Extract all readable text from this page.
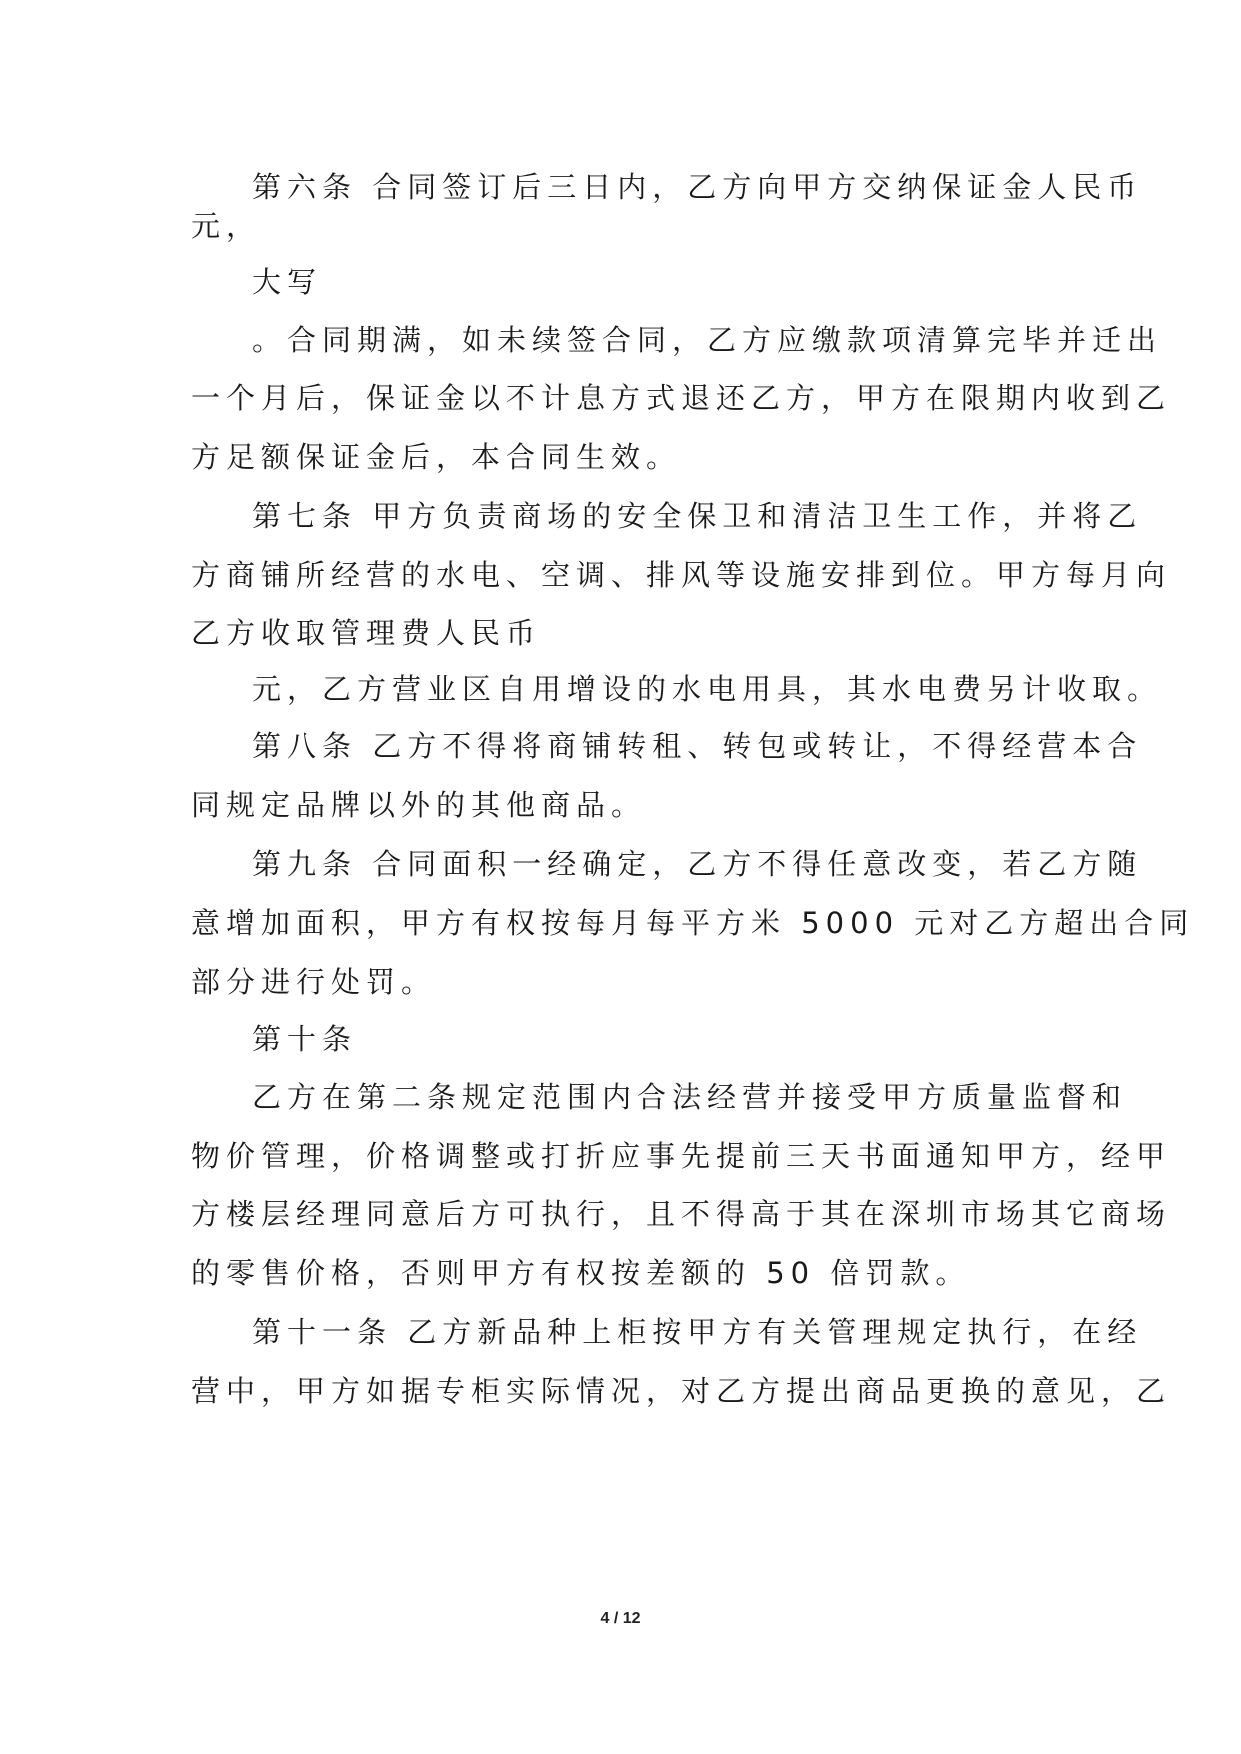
第六条 合同签订后三日内，乙方向甲方交纳保证金人民币
元，
大写
。合同期满，如未续签合同，乙方应缴款项清算完毕并迁出
一个月后，保证金以不计息方式退还乙方，甲方在限期内收到乙
方足额保证金后，本合同生效。
第七条 甲方负责商场的安全保卫和清洁卫生工作，并将乙
方商铺所经营的水电、空调、排风等设施安排到位。甲方每月向
乙方收取管理费人民币
元，乙方营业区自用增设的水电用具，其水电费另计收取。
第八条 乙方不得将商铺转租、转包或转让，不得经营本合
同规定品牌以外的其他商品。
第九条 合同面积一经确定，乙方不得任意改变，若乙方随
意增加面积，甲方有权按每月每平方米 5000 元对乙方超出合同
部分进行处罚。
第十条
乙方在第二条规定范围内合法经营并接受甲方质量监督和
物价管理，价格调整或打折应事先提前三天书面通知甲方，经甲
方楼层经理同意后方可执行，且不得高于其在深圳市场其它商场
的零售价格，否则甲方有权按差额的 50 倍罚款。
第十一条 乙方新品种上柜按甲方有关管理规定执行，在经
营中，甲方如据专柜实际情况，对乙方提出商品更换的意见，乙
4 / 12
